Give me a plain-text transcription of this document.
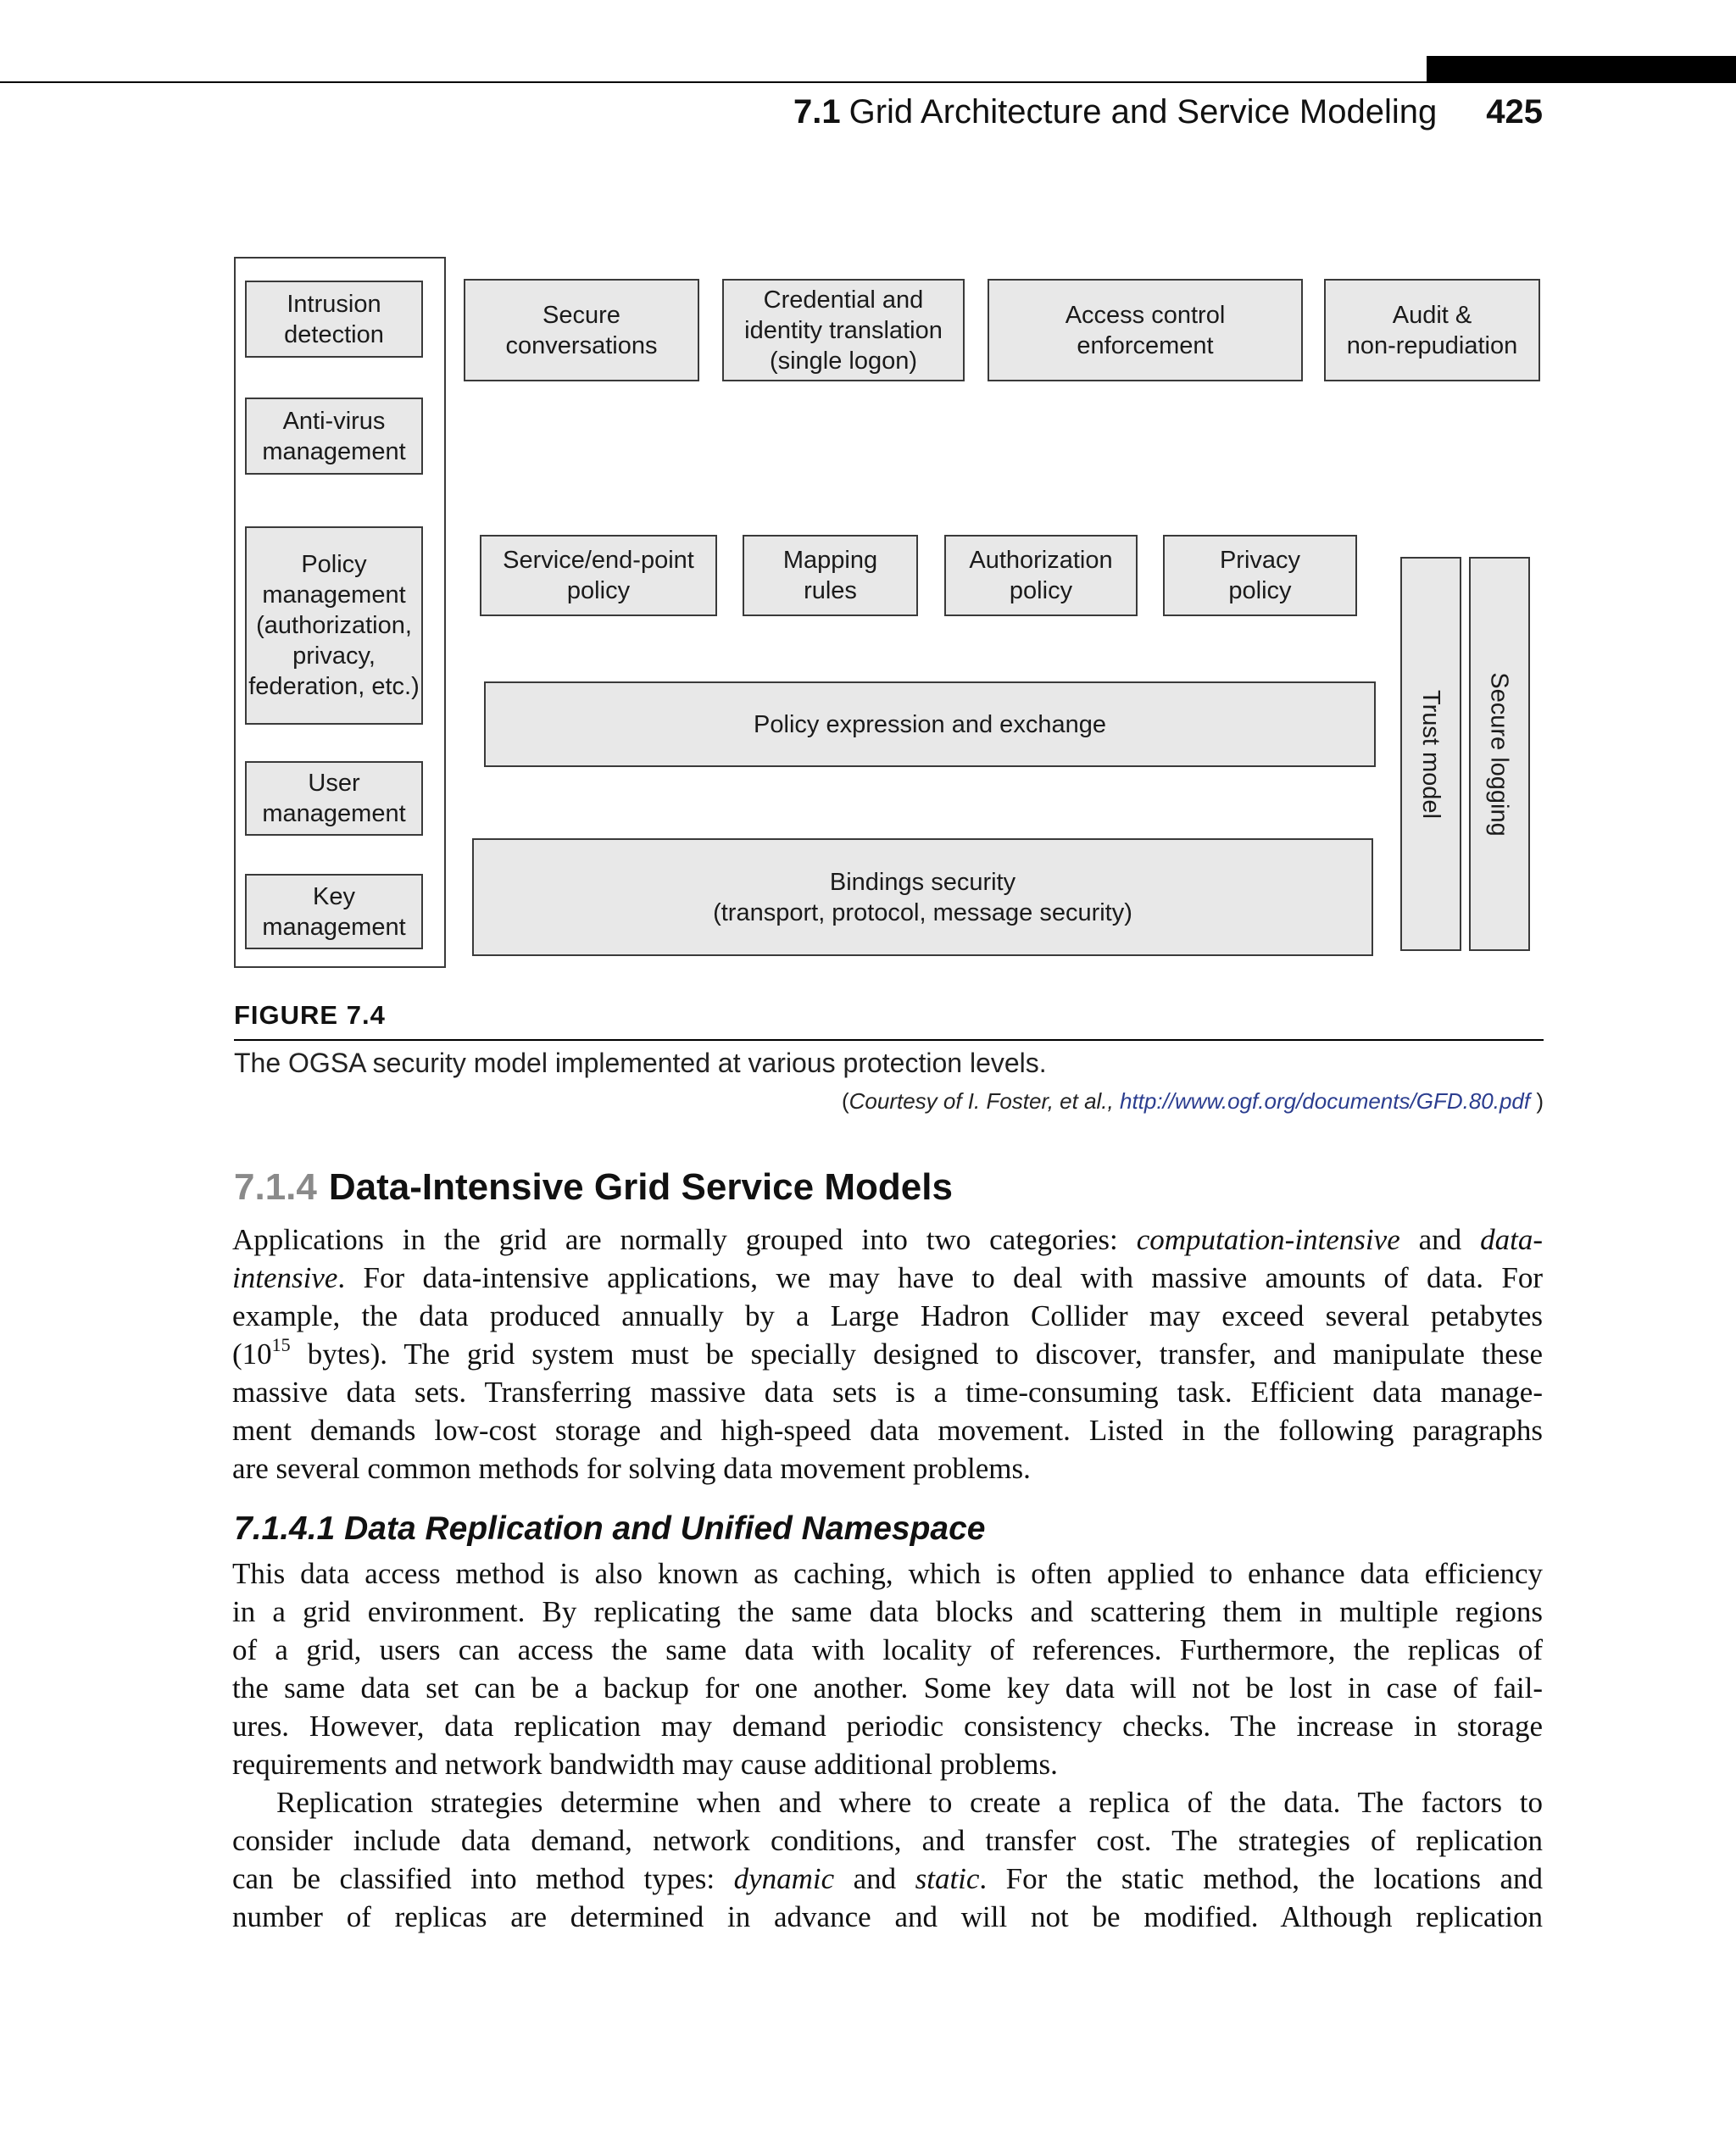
7.1 Grid Architecture and Service Modeling 425
Intrusion
detection
Anti-virus
management
Policy
management
(authorization,
privacy,
federation, etc.)
User
management
Key
management
Secure
conversations
Credential and
identity translation
(single logon)
Access control
enforcement
Audit &
non-repudiation
Service/end-point
policy
Mapping
rules
Authorization
policy
Privacy
policy
Policy expression and exchange
Bindings security
(transport, protocol, message security)
Trust model Secure logging
FIGURE 7.4
The OGSA security model implemented at various protection levels.
(Courtesy of I. Foster, et al., http://www.ogf.org/documents/GFD.80.pdf )
7.1.4 Data-Intensive Grid Service Models
Applications in the grid are normally grouped into two categories: computation-intensive and data-
intensive. For data-intensive applications, we may have to deal with massive amounts of data. For
example, the data produced annually by a Large Hadron Collider may exceed several petabytes
($10^{15}$ bytes). The grid system must be specially designed to discover, transfer, and manipulate these
massive data sets. Transferring massive data sets is a time-consuming task. Efficient data manage-
ment demands low-cost storage and high-speed data movement. Listed in the following paragraphs
are several common methods for solving data movement problems.
7.1.4.1 Data Replication and Unified Namespace
This data access method is also known as caching, which is often applied to enhance data efficiency
in a grid environment. By replicating the same data blocks and scattering them in multiple regions
of a grid, users can access the same data with locality of references. Furthermore, the replicas of
the same data set can be a backup for one another. Some key data will not be lost in case of fail-
ures. However, data replication may demand periodic consistency checks. The increase in storage
requirements and network bandwidth may cause additional problems.
Replication strategies determine when and where to create a replica of the data. The factors to
consider include data demand, network conditions, and transfer cost. The strategies of replication
can be classified into method types: dynamic and static. For the static method, the locations and
number of replicas are determined in advance and will not be modified. Although replication
